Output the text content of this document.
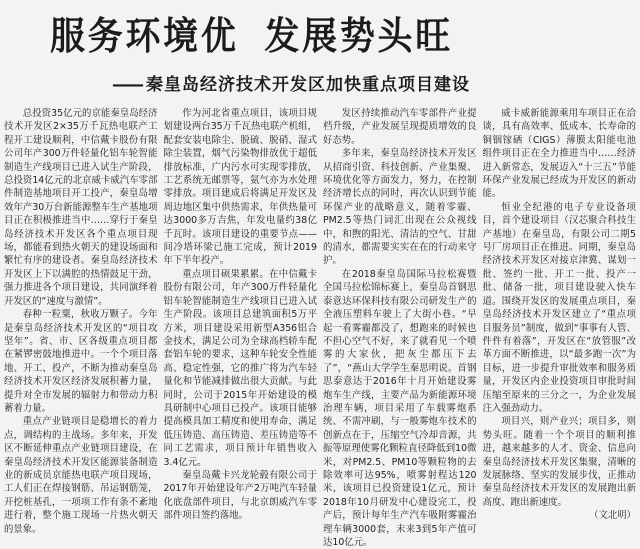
服务环境优 发展势头旺
—— 秦皇岛经济技术开发区加快重点项目建设

总投资35亿元的京能秦皇岛经济技术开发区2×35万千瓦热电联产工程开工建设顺利，中信戴卡股份有限公司年产300万件轻量化铝车轮智能制造生产线项目已进入试生产阶段，总投资14亿元的北京威卡威汽车零部件制造基地项目开工投产，秦皇岛增效年产30万台新能源整车生产基地项目正在积极推进当中……穿行于秦皇岛经济技术开发区各个重点项目现场，都能看到热火朝天的建设场面和繁忙有序的建设者。秦皇岛经济技术开发区上下以满腔的热情鼓足干劲，强力推进各个项目建设，共同演绎着开发区的“速度与激情”。

春种一粒粟，秋收万颗子。今年是秦皇岛经济技术开发区的“项目攻坚年”。省、市、区各级重点项目都在紧锣密鼓地推进中。一个个项目落地、开工、投产，不断为推动秦皇岛经济技术开发区经济发展积蓄力量，提升对全市发展的辐射力和带动力积蓄着力量。

重点产业链项目是稳增长的着力点，调结构的主战场。多年来，开发区不断延伸重点产业链项目建设，在秦皇岛经济技术开发区能源装备制造业的新成员京能热电联产项目现场，工人们正在焊接钢筋、吊运钢筋笼，开挖桩基孔，一项项工作有条不紊地进行着，整个施工现场一片热火朝天的景象。

作为河北省重点项目，该项目规划建设两台35万千瓦热电联产机组，配套安装电除尘、脱硫、脱硝、湿式除尘装置，烟气污染物排放优于超低排放标准，广内污水可实现零排放，工艺系统无邮票等，氨气亦为水处理零排放。项目建成后将满足开发区及周边地区集中供热需求，年供热量可达3000多万吉焦，年发电量约38亿千瓦时。该项目建设的重要节点——间冷塔环梁已施工完成，预计2019年下半年投产。

重点项目硕果累累。在中信戴卡股份有限公司，年产300万件轻量化铝车轮智能制造生产线项目已进入试生产阶段。该项目总建筑面积5万平方米，项目建设采用新型A356铝合金技术，满足公司为全球高档轿车配套铝车轮的要求，这种车轮安全性能高、稳定性强，它的推广将为汽车轻量化和节能减排做出很大贡献。与此同时，公司于2015年开始建设的模具研制中心项目已投产。该项目能够提高模具加工精度和使用寿命，满足低压铸造、高压铸造、差压铸造等不同工艺需求，项目预计年销售收入3.4亿元。

秦皇岛戴卡兴龙轮毂有限公司于2017年开始建设年产2万吨汽车轻量化底盘部件项目，与北京朗威汽车零部件项目签约落地。

发区持续推动汽车零部件产业提档升级，产业发展呈现提质增效的良好态势。

多年来，秦皇岛经济技术开发区从招商引资、科技创新、产业集聚、环境优化等方面发力，努力，在控制经济增长点的同时，再次认识到节能环保产业的战略意义，随着零霾、PM2.5等热门词汇出现在公众视线中，和煦的阳光、清洁的空气、甘甜的清水，都需要实实在在的行动来守护。

在2018秦皇岛国际马拉松赛暨全国马拉松锦标赛上，秦皇岛首钢思泰意达环保科技有限公司研发生产的全液压塑料车驶上了大街小巷。“早起一看雾霾都没了，想跑来的时候也不担心空气不好，来了就看见一个喷雾的大家伙，把灰尘都压下去了”，“燕山大学学生秦思明说。首钢思泰意达于2016年十月开始建设雾炮车生产线，主要产品为新能源环境治理车辆，项目采用了车载雾炮系统、不需冲刷，与一般雾炮车技术的创新点在于，压缩空气冷却音源，共振等原理使雾化颗粒直径降低到10微米，对PM2.5、PM10等颗粒物的去除效率可达95%，喷雾射程达120米，该项目已投资建设1亿元，预计2018年10月研发中心建设完工，投产后，预计每年生产汽车吸附雾霾治理车辆3000套，未来3到5年产值可达10亿元。

威卡威新能源乘用车项目正在洽谈，具有高效率、低成本、长寿命的铜铟镓硒（CIGS）薄膜太阳能电池组件项目正在全力推进当中……经济进入新常态，发展迈入“十三五”节能环保产业发展已经成为开发区的新动能。

恒业全纪港的电子专业设备项目，首个建设项目（汉芯聚合科技生产基地）在秦皇岛，有限公司二期5号厂房项目正在推进。同期，秦皇岛经济技术开发区对接京津冀、谋划一批、签约一批、开工一批、投产一批、储备一批，项目建设驶入快车道。围绕开发区的发展重点项目，秦皇岛经济技术开发区建立了“重点项目服务员”制度，做到“事事有人管、件件有着落”，开发区在“放管服”改革方面不断推进，以“最多跑一次”为目标，进一步提升审批效率和服务质量，开发区内企业投资项目审批时间压缩至原来的三分之一，为企业发展注入强劲动力。

项目兴，则产业兴；项目多，则势头旺。随着一个个项目的顺利推进，越来越多的人才、资金、信息向秦皇岛经济技术开发区集聚，清晰的发展脉络、坚实的发展步伐，正推动秦皇岛经济技术开发区的发展跑出新高度、跑出新速度。

（文北明）
